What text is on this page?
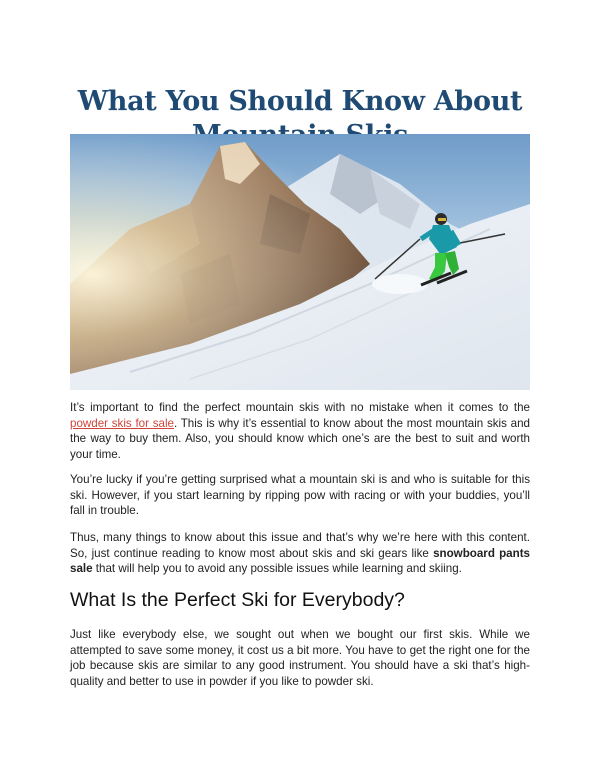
What You Should Know About

It’s important to find the perfect mountain skis with no mistake when it comes to the powder skis for sale. This is why it’s essential to know about the most mountain skis and the way to buy them. Also, you should know which one’s are the best to suit and worth your time.

You’re lucky if you’re getting surprised what a mountain ski is and who is suitable for this ski. However, if you start learning by ripping pow with racing or with your buddies, you’ll fall in trouble.

Thus, many things to know about this issue and that’s why we’re here with this content. So, just continue reading to know most about skis and ski gears like snowboard pants sale that will help you to avoid any possible issues while learning and skiing.

What Is the Perfect Ski for Everybody?

Just like everybody else, we sought out when we bought our first skis. While we attempted to save some money, it cost us a bit more. You have to get the right one for the job because skis are similar to any good instrument. You should have a ski that’s high-quality and better to use in powder if you like to powder ski.
